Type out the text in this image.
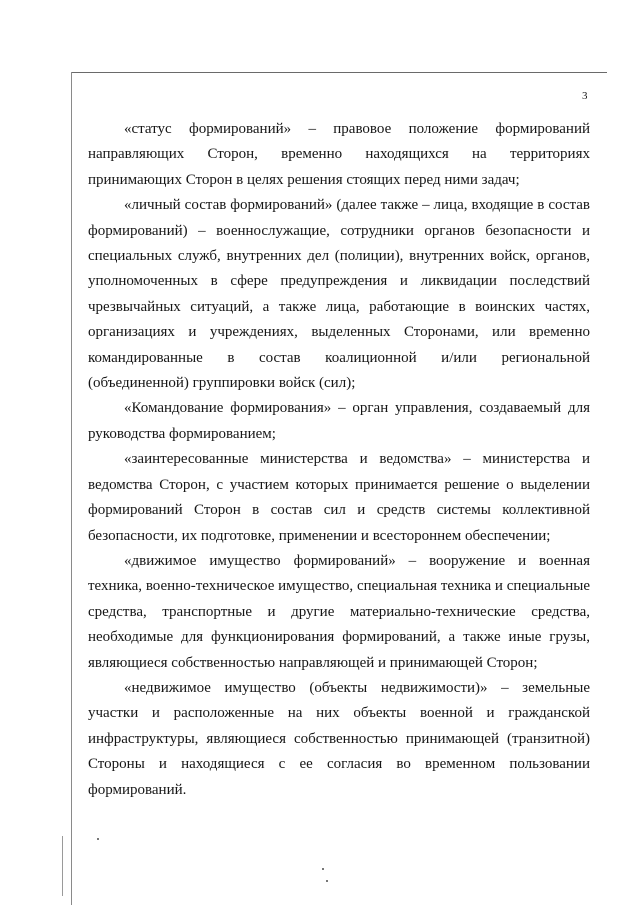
3

«статус формирований» – правовое положение формирований
направляющих Сторон, временно находящихся на территориях
принимающих Сторон в целях решения стоящих перед ними задач;

«личный состав формирований» (далее также – лица, входящие в состав
формирований) – военнослужащие, сотрудники органов безопасности и
специальных служб, внутренних дел (полиции), внутренних войск, органов,
уполномоченных в сфере предупреждения и ликвидации последствий
чрезвычайных ситуаций, а также лица, работающие в воинских частях,
организациях и учреждениях, выделенных Сторонами, или временно
командированные в состав коалиционной и/или региональной
(объединенной) группировки войск (сил);

«Командование формирования» – орган управления, создаваемый для
руководства формированием;

«заинтересованные министерства и ведомства» – министерства и
ведомства Сторон, с участием которых принимается решение о выделении
формирований Сторон в состав сил и средств системы коллективной
безопасности, их подготовке, применении и всестороннем обеспечении;

«движимое имущество формирований» – вооружение и военная
техника, военно-техническое имущество, специальная техника и специальные
средства, транспортные и другие материально-технические средства,
необходимые для функционирования формирований, а также иные грузы,
являющиеся собственностью направляющей и принимающей Сторон;

«недвижимое имущество (объекты недвижимости)» – земельные
участки и расположенные на них объекты военной и гражданской
инфраструктуры, являющиеся собственностью принимающей (транзитной)
Стороны и находящиеся с ее согласия во временном пользовании
формирований.
